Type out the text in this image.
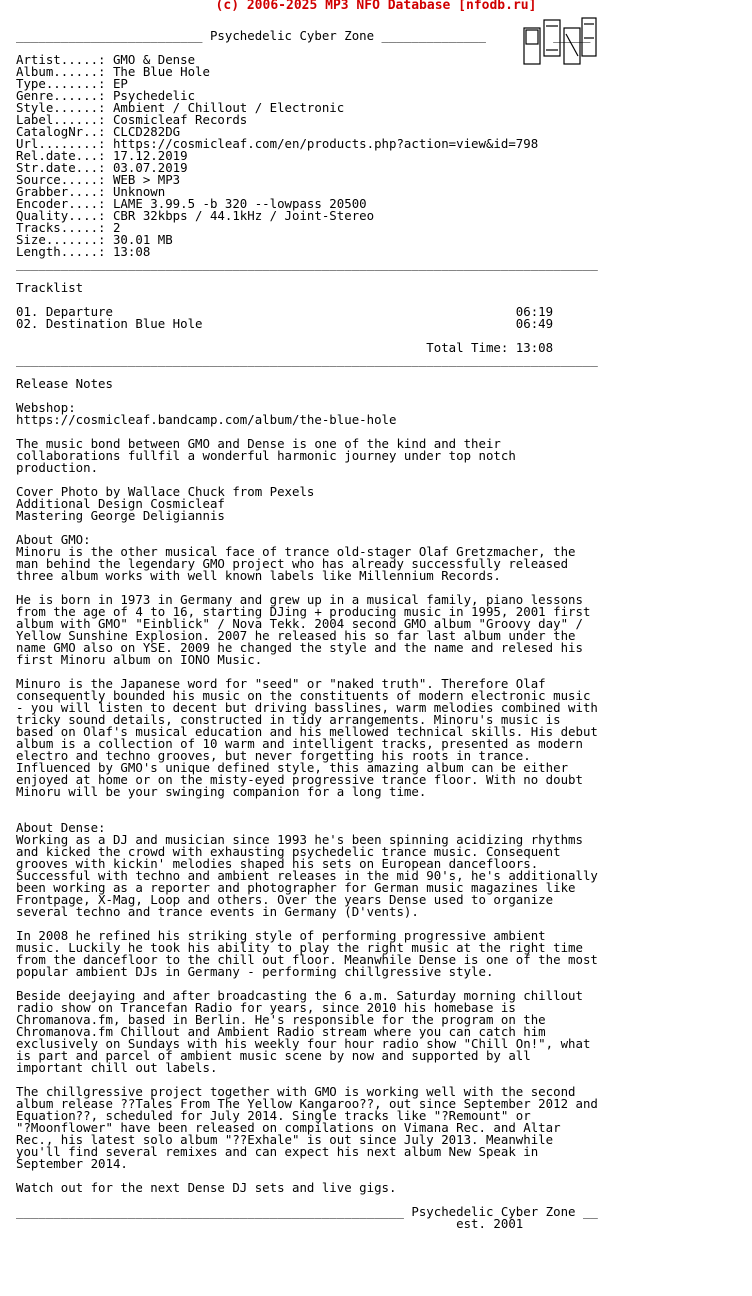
(c) 2006-2025 MP3 NFO Database [nfodb.ru]
_________________________ Psychedelic Cyber Zone ______________         _____
Artist.....: GMO & Dense
Album......: The Blue Hole
Type.......: EP
Genre......: Psychedelic
Style......: Ambient / Chillout / Electronic
Label......: Cosmicleaf Records
CatalogNr..: CLCD282DG
Url........: https://cosmicleaf.com/en/products.php?action=view&id=798
Rel.date...: 17.12.2019
Str.date...: 03.07.2019
Source.....: WEB > MP3
Grabber....: Unknown
Encoder....: LAME 3.99.5 -b 320 --lowpass 20500
Quality....: CBR 32kbps / 44.1kHz / Joint-Stereo
Tracks.....: 2
Size.......: 30.01 MB
Length.....: 13:08
______________________________________________________________________________
Tracklist
01. Departure                                                      06:19
02. Destination Blue Hole                                          06:49
Total Time: 13:08
______________________________________________________________________________
Release Notes
Webshop:
https://cosmicleaf.bandcamp.com/album/the-blue-hole
The music bond between GMO and Dense is one of the kind and their
collaborations fullfil a wonderful harmonic journey under top notch
production.
Cover Photo by Wallace Chuck from Pexels
Additional Design Cosmicleaf
Mastering George Deligiannis
About GMO:
Minoru is the other musical face of trance old-stager Olaf Gretzmacher, the
man behind the legendary GMO project who has already successfully released
three album works with well known labels like Millennium Records.
He is born in 1973 in Germany and grew up in a musical family, piano lessons
from the age of 4 to 16, starting DJing + producing music in 1995, 2001 first
album with GMO" "Einblick" / Nova Tekk. 2004 second GMO album "Groovy day" /
Yellow Sunshine Explosion. 2007 he released his so far last album under the
name GMO also on YSE. 2009 he changed the style and the name and relesed his
first Minoru album on IONO Music.
Minuro is the Japanese word for "seed" or "naked truth". Therefore Olaf
consequently bounded his music on the constituents of modern electronic music
- you will listen to decent but driving basslines, warm melodies combined with
tricky sound details, constructed in tidy arrangements. Minoru's music is
based on Olaf's musical education and his mellowed technical skills. His debut
album is a collection of 10 warm and intelligent tracks, presented as modern
electro and techno grooves, but never forgetting his roots in trance.
Influenced by GMO's unique defined style, this amazing album can be either
enjoyed at home or on the misty-eyed progressive trance floor. With no doubt
Minoru will be your swinging companion for a long time.
About Dense:
Working as a DJ and musician since 1993 he's been spinning acidizing rhythms
and kicked the crowd with exhausting psychedelic trance music. Consequent
grooves with kickin' melodies shaped his sets on European dancefloors.
Successful with techno and ambient releases in the mid 90's, he's additionally
been working as a reporter and photographer for German music magazines like
Frontpage, X-Mag, Loop and others. Over the years Dense used to organize
several techno and trance events in Germany (D'vents).
In 2008 he refined his striking style of performing progressive ambient
music. Luckily he took his ability to play the right music at the right time
from the dancefloor to the chill out floor. Meanwhile Dense is one of the most
popular ambient DJs in Germany - performing chillgressive style.
Beside deejaying and after broadcasting the 6 a.m. Saturday morning chillout
radio show on Trancefan Radio for years, since 2010 his homebase is
Chromanova.fm, based in Berlin. He's responsible for the program on the
Chromanova.fm Chillout and Ambient Radio stream where you can catch him
exclusively on Sundays with his weekly four hour radio show "Chill On!", what
is part and parcel of ambient music scene by now and supported by all
important chill out labels.
The chillgressive project together with GMO is working well with the second
album release ??Tales From The Yellow Kangaroo??, out since September 2012 and
Equation??, scheduled for July 2014. Single tracks like "?Remount" or
"?Moonflower" have been released on compilations on Vimana Rec. and Altar
Rec., his latest solo album "??Exhale" is out since July 2013. Meanwhile
you'll find several remixes and can expect his next album New Speak in
September 2014.
Watch out for the next Dense DJ sets and live gigs.
____________________________________________________ Psychedelic Cyber Zone __
est. 2001
